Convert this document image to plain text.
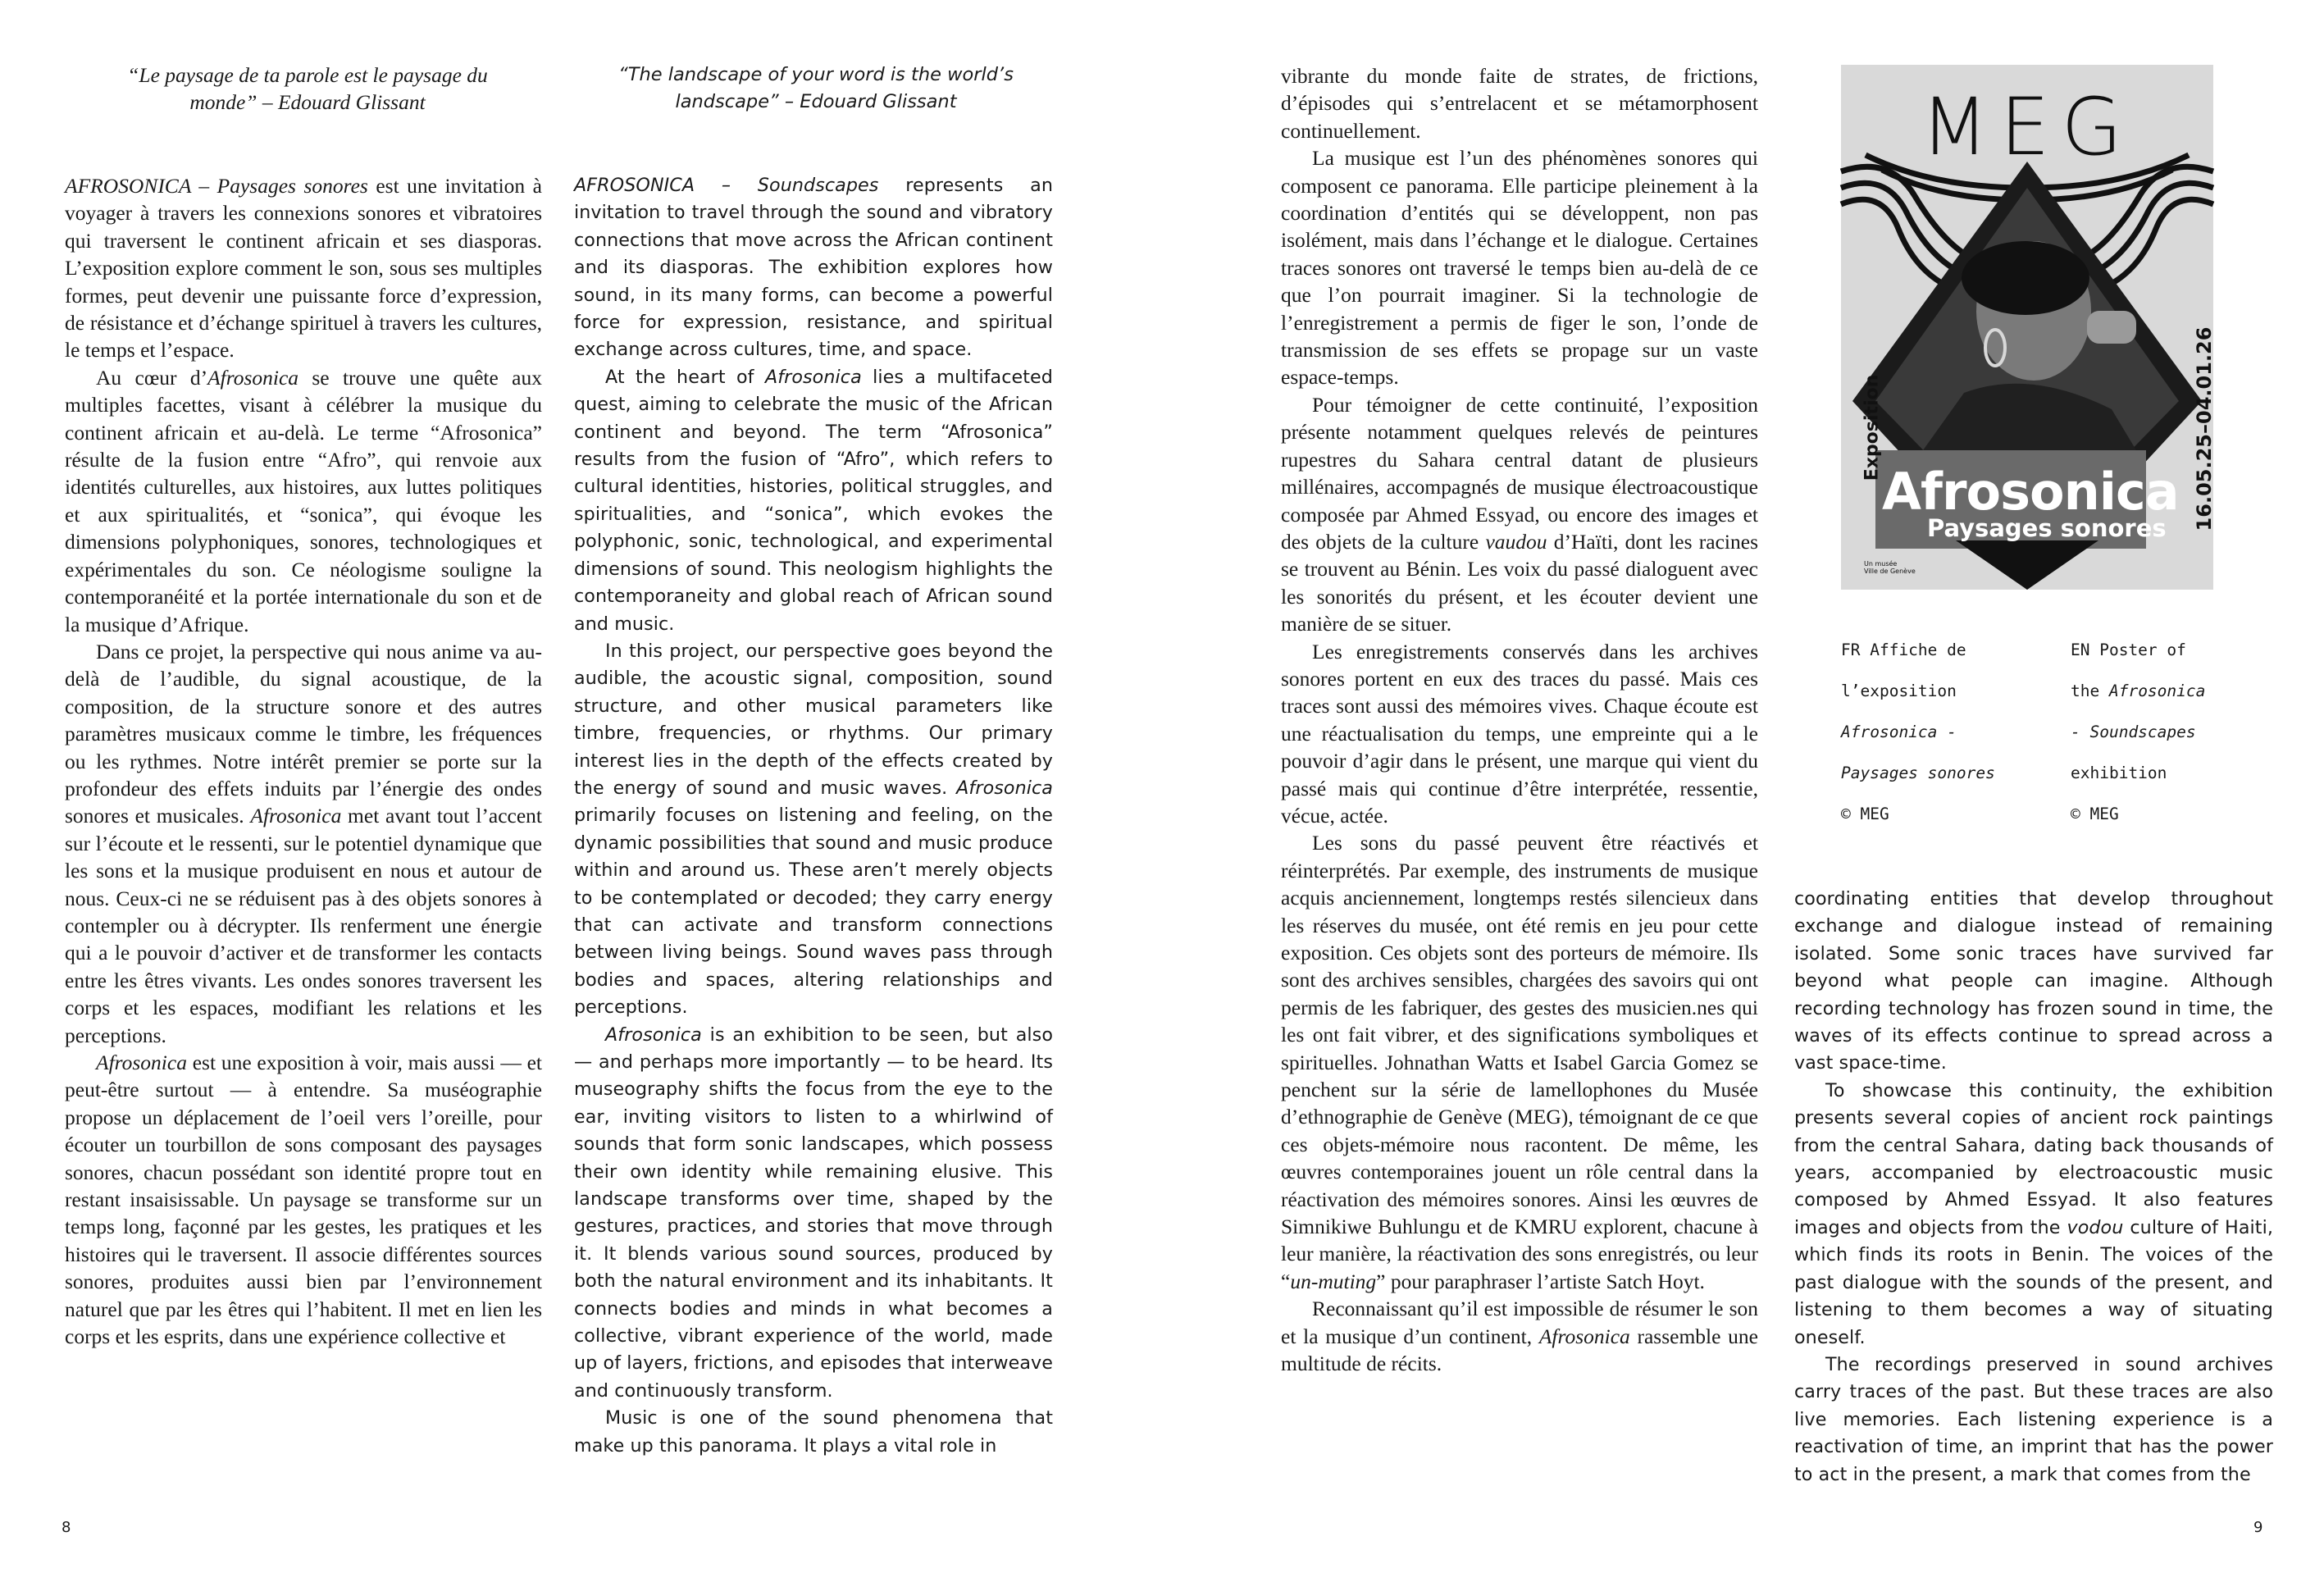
“Le paysage de ta parole est le paysage du monde” – Edouard Glissant
“The landscape of your word is the world’s landscape” – Edouard Glissant

AFROSONICA – Paysages sonores est une invitation à voyager à travers les connexions sonores et vibratoires qui traversent le continent africain et ses diasporas. L’exposition explore comment le son, sous ses multiples formes, peut devenir une puissante force d’expression, de résistance et d’échange spirituel à travers les cultures, le temps et l’espace.

Au cœur d’Afrosonica se trouve une quête aux multiples facettes, visant à célébrer la musique du continent africain et au-delà. Le terme “Afrosonica” résulte de la fusion entre “Afro”, qui renvoie aux identités culturelles, aux histoires, aux luttes politiques et aux spiritualités, et “sonica”, qui évoque les dimensions polyphoniques, sonores, technologiques et expérimentales du son. Ce néologisme souligne la contemporanéité et la portée internationale du son et de la musique d’Afrique.

Dans ce projet, la perspective qui nous anime va au-delà de l’audible, du signal acoustique, de la composition, de la structure sonore et des autres paramètres musicaux comme le timbre, les fréquences ou les rythmes. Notre intérêt premier se porte sur la profondeur des effets induits par l’énergie des ondes sonores et musicales. Afrosonica met avant tout l’accent sur l’écoute et le ressenti, sur le potentiel dynamique que les sons et la musique produisent en nous et autour de nous. Ceux-ci ne se réduisent pas à des objets sonores à contempler ou à décrypter. Ils renferment une énergie qui a le pouvoir d’activer et de transformer les contacts entre les êtres vivants. Les ondes sonores traversent les corps et les espaces, modifiant les relations et les perceptions.

Afrosonica est une exposition à voir, mais aussi — et peut-être surtout — à entendre. Sa muséographie propose un déplacement de l’oeil vers l’oreille, pour écouter un tourbillon de sons composant des paysages sonores, chacun possédant son identité propre tout en restant insaisissable. Un paysage se transforme sur un temps long, façonné par les gestes, les pratiques et les histoires qui le traversent. Il associe différentes sources sonores, produites aussi bien par l’environnement naturel que par les êtres qui l’habitent. Il met en lien les corps et les esprits, dans une expérience collective et

AFROSONICA – Soundscapes represents an invitation to travel through the sound and vibratory connections that move across the African continent and its diasporas. The exhibition explores how sound, in its many forms, can become a powerful force for expression, resistance, and spiritual exchange across cultures, time, and space.

At the heart of Afrosonica lies a multifaceted quest, aiming to celebrate the music of the African continent and beyond. The term “Afrosonica” results from the fusion of “Afro”, which refers to cultural identities, histories, political struggles, and spiritualities, and “sonica”, which evokes the polyphonic, sonic, technological, and experimental dimensions of sound. This neologism highlights the contemporaneity and global reach of African sound and music.

In this project, our perspective goes beyond the audible, the acoustic signal, composition, sound structure, and other musical parameters like timbre, frequencies, or rhythms. Our primary interest lies in the depth of the effects created by the energy of sound and music waves. Afrosonica primarily focuses on listening and feeling, on the dynamic possibilities that sound and music produce within and around us. These aren’t merely objects to be contemplated or decoded; they carry energy that can activate and transform connections between living beings. Sound waves pass through bodies and spaces, altering relationships and perceptions.

Afrosonica is an exhibition to be seen, but also — and perhaps more importantly — to be heard. Its museography shifts the focus from the eye to the ear, inviting visitors to listen to a whirlwind of sounds that form sonic landscapes, which possess their own identity while remaining elusive. This landscape transforms over time, shaped by the gestures, practices, and stories that move through it. It blends various sound sources, produced by both the natural environment and its inhabitants. It connects bodies and minds in what becomes a collective, vibrant experience of the world, made up of layers, frictions, and episodes that interweave and continuously transform.

Music is one of the sound phenomena that make up this panorama. It plays a vital role in

8

vibrante du monde faite de strates, de frictions, d’épisodes qui s’entrelacent et se métamorphosent continuellement.

La musique est l’un des phénomènes sonores qui composent ce panorama. Elle participe pleinement à la coordination d’entités qui se développent, non pas isolément, mais dans l’échange et le dialogue. Certaines traces sonores ont traversé le temps bien au-delà de ce que l’on pourrait imaginer. Si la technologie de l’enregistrement a permis de figer le son, l’onde de transmission de ses effets se propage sur un vaste espace-temps.

Pour témoigner de cette continuité, l’exposition présente notamment quelques relevés de peintures rupestres du Sahara central datant de plusieurs millénaires, accompagnés de musique électroacoustique composée par Ahmed Essyad, ou encore des images et des objets de la culture vaudou d’Haïti, dont les racines se trouvent au Bénin. Les voix du passé dialoguent avec les sonorités du présent, et les écouter devient une manière de se situer.

Les enregistrements conservés dans les archives sonores portent en eux des traces du passé. Mais ces traces sont aussi des mémoires vives. Chaque écoute est une réactualisation du temps, une empreinte qui a le pouvoir d’agir dans le présent, une marque qui vient du passé mais qui continue d’être interprétée, ressentie, vécue, actée.

Les sons du passé peuvent être réactivés et réinterprétés. Par exemple, des instruments de musique acquis anciennement, longtemps restés silencieux dans les réserves du musée, ont été remis en jeu pour cette exposition. Ces objets sont des porteurs de mémoire. Ils sont des archives sensibles, chargées des savoirs qui ont permis de les fabriquer, des gestes des musicien.nes qui les ont fait vibrer, et des significations symboliques et spirituelles. Johnathan Watts et Isabel Garcia Gomez se penchent sur la série de lamellophones du Musée d’ethnographie de Genève (MEG), témoignant de ce que ces objets-mémoire nous racontent. De même, les œuvres contemporaines jouent un rôle central dans la réactivation des mémoires sonores. Ainsi les œuvres de Simnikiwe Buhlungu et de KMRU explorent, chacune à leur manière, la réactivation des sons enregistrés, ou leur “un-muting” pour paraphraser l’artiste Satch Hoyt.

Reconnaissant qu’il est impossible de résumer le son et la musique d’un continent, Afrosonica rassemble une multitude de récits.

MEG
Exposition	16.05.25–04.01.26
Afrosonica
Paysages sonores
Un musée
Ville de Genève

FR Affiche de

l’exposition

Afrosonica -

Paysages sonores

© MEG

EN Poster of

the Afrosonica

- Soundscapes

exhibition

© MEG

coordinating entities that develop throughout exchange and dialogue instead of remaining isolated. Some sonic traces have survived far beyond what people can imagine. Although recording technology has frozen sound in time, the waves of its effects continue to spread across a vast space-time.

To showcase this continuity, the exhibition presents several copies of ancient rock paintings from the central Sahara, dating back thousands of years, accompanied by electroacoustic music composed by Ahmed Essyad. It also features images and objects from the vodou culture of Haiti, which finds its roots in Benin. The voices of the past dialogue with the sounds of the present, and listening to them becomes a way of situating oneself.

The recordings preserved in sound archives carry traces of the past. But these traces are also live memories. Each listening experience is a reactivation of time, an imprint that has the power to act in the present, a mark that comes from the

9
